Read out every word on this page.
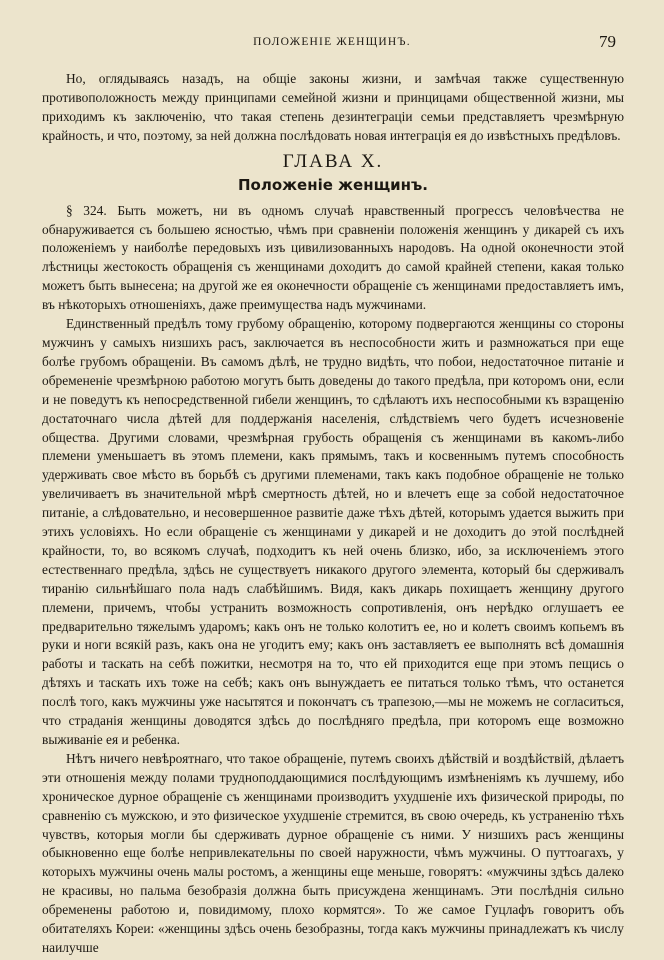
ПОЛОЖЕНІЕ ЖЕНЩИНЪ.	79

Но, оглядываясь назадъ, на общіе законы жизни, и замѣчая также существенную противоположность между принципами семейной жизни и принцицами общественной жизни, мы приходимъ къ заключенію, что такая степень дезинтеграціи семьи представляетъ чрезмѣрную крайность, и что, поэтому, за ней должна послѣдовать новая интеграція ея до извѣстныхъ предѣловъ.

ГЛАВА X.
Положеніе женщинъ.

§ 324. Быть можетъ, ни въ одномъ случаѣ нравственный прогрессъ человѣчества не обнаруживается съ большею ясностью, чѣмъ при сравненіи положенія женщинъ у дикарей съ ихъ положеніемъ у наиболѣе передовыхъ изъ цивилизованныхъ народовъ. На одной оконечности этой лѣстницы жестокость обращенія съ женщинами доходитъ до самой крайней степени, какая только можетъ быть вынесена; на другой же ея оконечности обращеніе съ женщинами предоставляетъ имъ, въ нѣкоторыхъ отношеніяхъ, даже преимущества надъ мужчинами.

Единственный предѣлъ тому грубому обращенію, которому подвергаются женщины со стороны мужчинъ у самыхъ низшихъ расъ, заключается въ неспособности жить и размножаться при еще болѣе грубомъ обращеніи. Въ самомъ дѣлѣ, не трудно видѣть, что побои, недостаточное питаніе и обремененіе чрезмѣрною работою могутъ быть доведены до такого предѣла, при которомъ они, если и не поведутъ къ непосредственной гибели женщинъ, то сдѣлаютъ ихъ неспособными къ взращенію достаточнаго числа дѣтей для поддержанія населенія, слѣдствіемъ чего будетъ исчезновеніе общества. Другими словами, чрезмѣрная грубость обращенія съ женщинами въ какомъ-либо племени уменьшаетъ въ этомъ племени, какъ прямымъ, такъ и косвеннымъ путемъ способность удерживать свое мѣсто въ борьбѣ съ другими племенами, такъ какъ подобное обращеніе не только увеличиваетъ въ значительной мѣрѣ смертность дѣтей, но и влечетъ еще за собой недостаточное питаніе, а слѣдовательно, и несовершенное развитіе даже тѣхъ дѣтей, которымъ удается выжить при этихъ условіяхъ. Но если обращеніе съ женщинами у дикарей и не доходитъ до этой послѣдней крайности, то, во всякомъ случаѣ, подходитъ къ ней очень близко, ибо, за исключеніемъ этого естественнаго предѣла, здѣсь не существуетъ никакого другого элемента, который бы сдерживалъ тиранію сильнѣйшаго пола надъ слабѣйшимъ. Видя, какъ дикарь похищаетъ женщину другого племени, причемъ, чтобы устранить возможность сопротивленія, онъ нерѣдко оглушаетъ ее предварительно тяжелымъ ударомъ; какъ онъ не только колотитъ ее, но и колетъ своимъ копьемъ въ руки и ноги всякій разъ, какъ она не угодитъ ему; какъ онъ заставляетъ ее выполнять всѣ домашнія работы и таскать на себѣ пожитки, несмотря на то, что ей приходится еще при этомъ пещись о дѣтяхъ и таскать ихъ тоже на себѣ; какъ онъ вынуждаетъ ее питаться только тѣмъ, что останется послѣ того, какъ мужчины уже насытятся и покончатъ съ трапезою,—мы не можемъ не согласиться, что страданія женщины доводятся здѣсь до послѣдняго предѣла, при которомъ еще возможно выживаніе ея и ребенка.

Нѣтъ ничего невѣроятнаго, что такое обращеніе, путемъ своихъ дѣйствій и воздѣйствій, дѣлаетъ эти отношенія между полами трудноподдающимися послѣдующимъ измѣненіямъ къ лучшему, ибо хроническое дурное обращеніе съ женщинами производитъ ухудшеніе ихъ физической природы, по сравненію съ мужскою, и это физическое ухудшеніе стремится, въ свою очередь, къ устраненію тѣхъ чувствъ, которыя могли бы сдерживать дурное обращеніе съ ними. У низшихъ расъ женщины обыкновенно еще болѣе непривлекательны по своей наружности, чѣмъ мужчины. О путтоагахъ, у которыхъ мужчины очень малы ростомъ, а женщины еще меньше, говорятъ: «мужчины здѣсь далеко не красивы, но пальма безобразія должна быть присуждена женщинамъ. Эти послѣднія сильно обременены работою и, повидимому, плохо кормятся». То же самое Гуцлафъ говоритъ объ обитателяхъ Кореи: «женщины здѣсь очень безобразны, тогда какъ мужчины принадлежатъ къ числу наилучше
